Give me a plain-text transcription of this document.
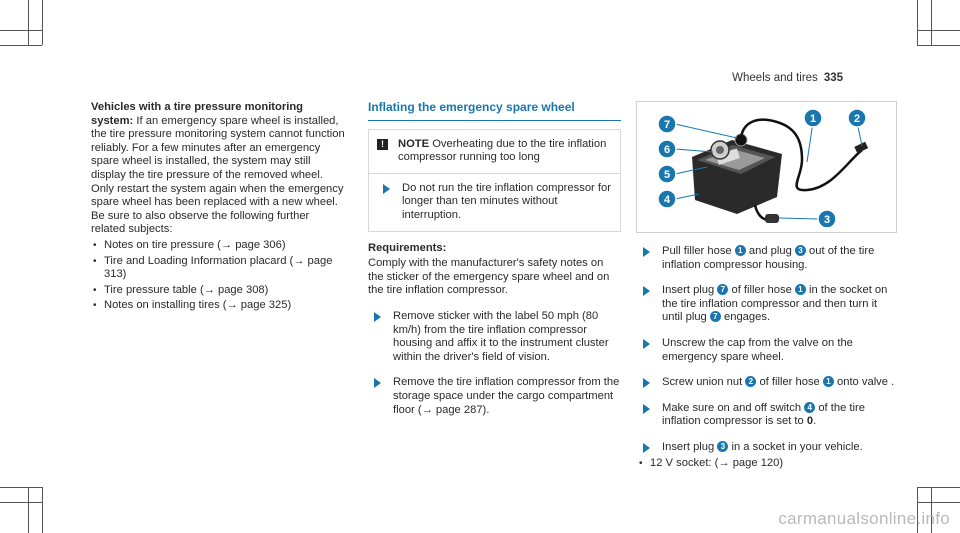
Wheels and tires 335

Vehicles with a tire pressure monitoring system: If an emergency spare wheel is installed, the tire pressure monitoring system cannot function reliably. For a few minutes after an emergency spare wheel is installed, the system may still display the tire pressure of the removed wheel. Only restart the system again when the emergency spare wheel has been replaced with a new wheel.

Be sure to also observe the following further related subjects:

• Notes on tire pressure (→ page 306)
• Tire and Loading Information placard (→ page 313)
• Tire pressure table (→ page 308)
• Notes on installing tires (→ page 325)
Inflating the emergency spare wheel
!	NOTE Overheating due to the tire inflation compressor running too long
Do not run the tire inflation compressor for longer than ten minutes without interruption.

Requirements:

Comply with the manufacturer's safety notes on the sticker of the emergency spare wheel and on the tire inflation compressor.

Remove sticker with the label 50 mph (80 km/h) from the tire inflation compressor housing and affix it to the instrument cluster within the driver's field of vision.
Remove the tire inflation compressor from the storage space under the cargo compartment floor (→ page 287).
7
6
5
4
1	2
3
Pull filler hose 1 and plug 3 out of the tire inflation compressor housing.
Insert plug 7 of filler hose 1 in the socket on the tire inflation compressor and then turn it until plug 7 engages.
Unscrew the cap from the valve on the emergency spare wheel.
Screw union nut 2 of filler hose 1 onto valve .
Make sure on and off switch 4 of the tire inflation compressor is set to 0.
Insert plug 3 in a socket in your vehicle.
• 12 V socket: (→ page 120)
carmanualsonline.info
